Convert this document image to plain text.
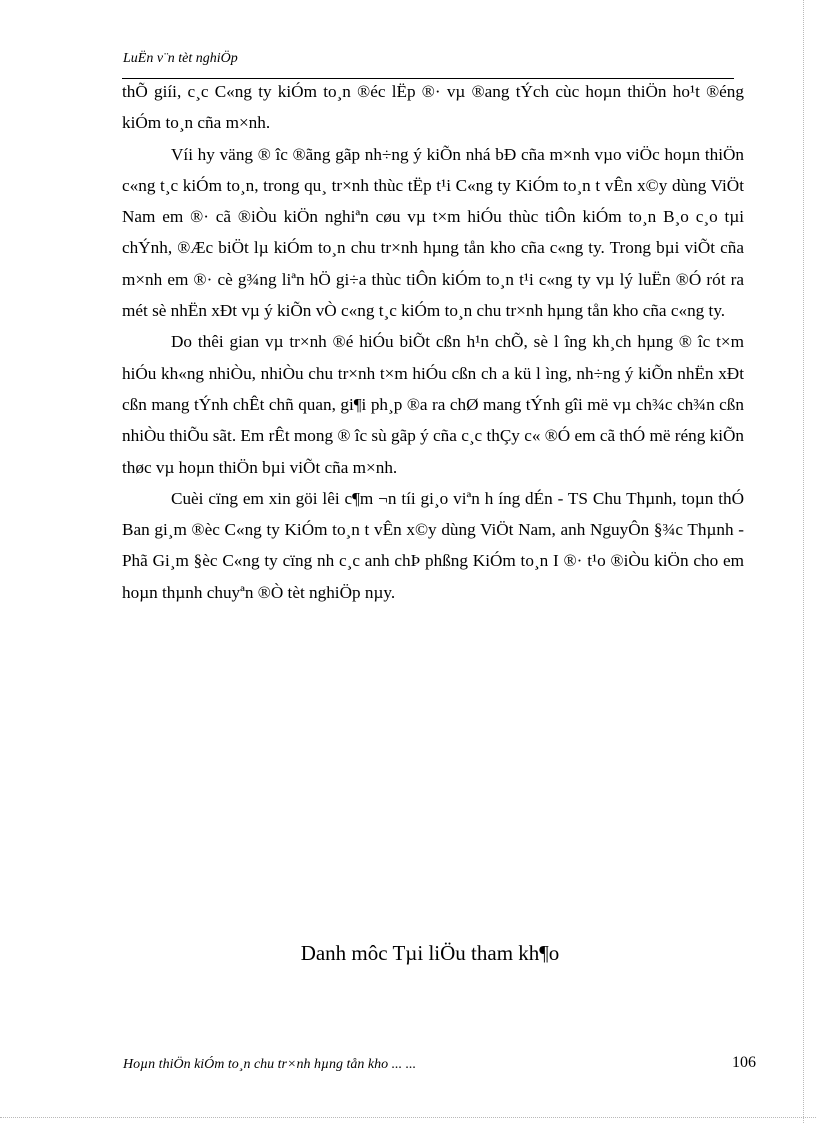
LuËn v¨n tèt nghiÖp

thÕ giíi, c¸c C«ng ty kiÓm to¸n ®éc lËp ®· vµ ®ang tÝch cùc hoµn thiÖn ho¹t ®éng kiÓm to¸n cña m×nh.

Víi hy väng ® îc ®ãng gãp nh÷ng ý kiÕn nhá bÐ cña m×nh vµo viÖc hoµn thiÖn c«ng t¸c kiÓm to¸n, trong qu¸ tr×nh thùc tËp t¹i C«ng ty KiÓm to¸n t vÊn x©y dùng ViÖt Nam em ®· cã ®iÒu kiÖn nghiªn cøu vµ t×m hiÓu thùc tiÔn kiÓm to¸n B¸o c¸o tµi chÝnh, ®Æc biÖt lµ kiÓm to¸n chu tr×nh hµng tån kho cña c«ng ty. Trong bµi viÕt cña m×nh em ®· cè g¾ng liªn hÖ gi÷a thùc tiÔn kiÓm to¸n t¹i c«ng ty vµ lý luËn ®Ó rót ra mét sè nhËn xÐt vµ ý kiÕn vÒ c«ng t¸c kiÓm to¸n chu tr×nh hµng tån kho cña c«ng ty.

Do thêi gian vµ tr×nh ®é hiÓu biÕt cßn h¹n chÕ, sè l îng kh¸ch hµng ® îc t×m hiÓu kh«ng nhiÒu, nhiÒu chu tr×nh t×m hiÓu cßn ch a kü l ìng, nh÷ng ý kiÕn nhËn xÐt cßn mang tÝnh chÊt chñ quan, gi¶i ph¸p ®a ra chØ mang tÝnh gîi më vµ ch¾c ch¾n cßn nhiÒu thiÕu sãt. Em rÊt mong ® îc sù gãp ý cña c¸c thÇy c« ®Ó em cã thÓ më réng kiÕn thøc vµ hoµn thiÖn bµi viÕt cña m×nh.

Cuèi cïng em xin göi lêi c¶m ¬n tíi gi¸o viªn h íng dÉn - TS Chu Thµnh, toµn thÓ Ban gi¸m ®èc C«ng ty KiÓm to¸n t vÊn x©y dùng ViÖt Nam, anh NguyÔn §¾c Thµnh - Phã Gi¸m §èc C«ng ty cïng nh c¸c anh chÞ phßng KiÓm to¸n I ®· t¹o ®iÒu kiÖn cho em hoµn thµnh chuyªn ®Ò tèt nghiÖp nµy.

Danh môc Tµi liÖu tham kh¶o
Hoµn thiÖn kiÓm to¸n chu tr×nh hµng tån kho ... ...	106
